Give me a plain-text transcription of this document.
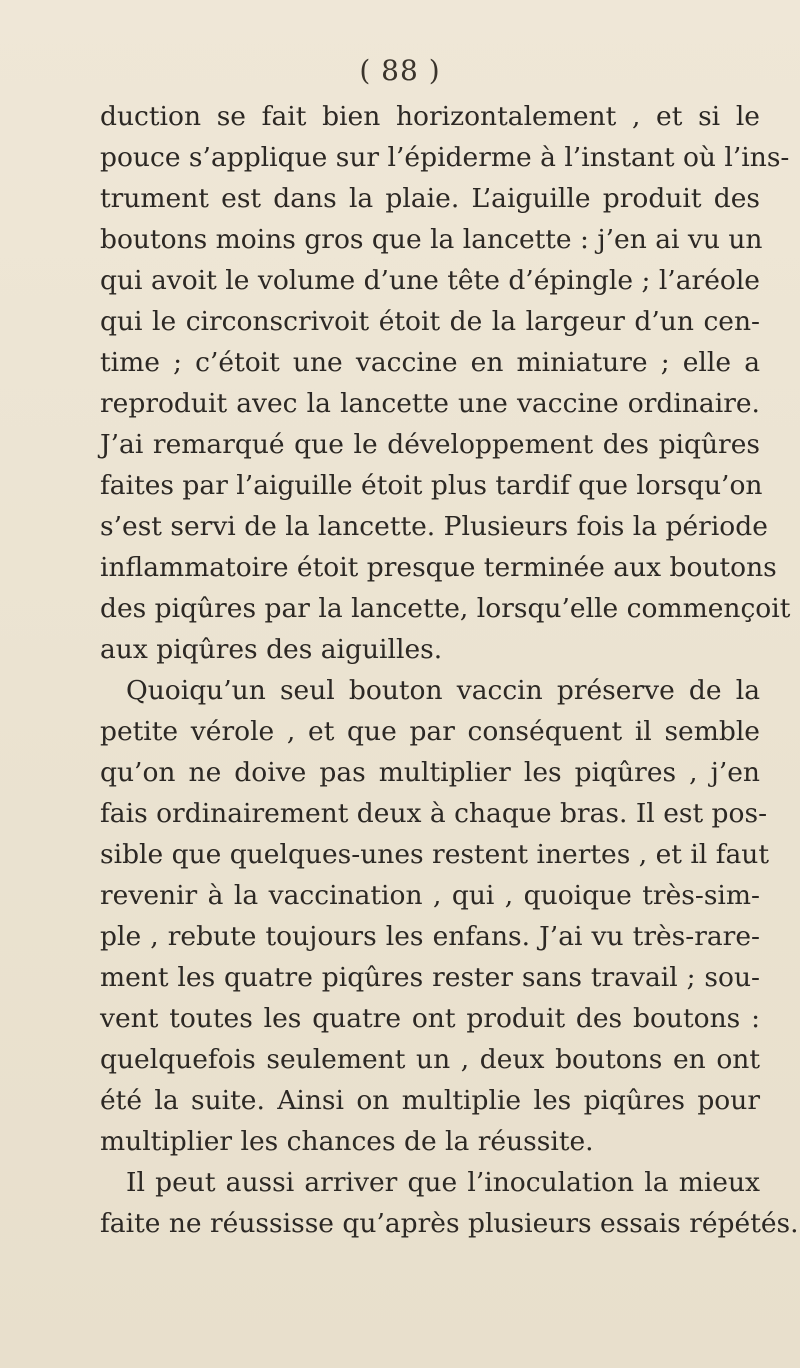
( 88 )
duction se fait bien horizontalement , et si le
pouce s’applique sur l’épiderme à l’instant où l’ins-
trument est dans la plaie. L’aiguille produit des
boutons moins gros que la lancette : j’en ai vu un
qui avoit le volume d’une tête d’épingle ; l’aréole
qui le circonscrivoit étoit de la largeur d’un cen-
time ; c’étoit une vaccine en miniature ; elle a
reproduit avec la lancette une vaccine ordinaire.
J’ai remarqué que le développement des piqûres
faites par l’aiguille étoit plus tardif que lorsqu’on
s’est servi de la lancette. Plusieurs fois la période
inflammatoire étoit presque terminée aux boutons
des piqûres par la lancette, lorsqu’elle commençoit
aux piqûres des aiguilles.
Quoiqu’un seul bouton vaccin préserve de la
petite vérole , et que par conséquent il semble
qu’on ne doive pas multiplier les piqûres , j’en
fais ordinairement deux à chaque bras. Il est pos-
sible que quelques-unes restent inertes , et il faut
revenir à la vaccination , qui , quoique très-sim-
ple , rebute toujours les enfans. J’ai vu très-rare-
ment les quatre piqûres rester sans travail ; sou-
vent toutes les quatre ont produit des boutons :
quelquefois seulement un , deux boutons en ont
été la suite. Ainsi on multiplie les piqûres pour
multiplier les chances de la réussite.
Il peut aussi arriver que l’inoculation la mieux
faite ne réussisse qu’après plusieurs essais répétés.
